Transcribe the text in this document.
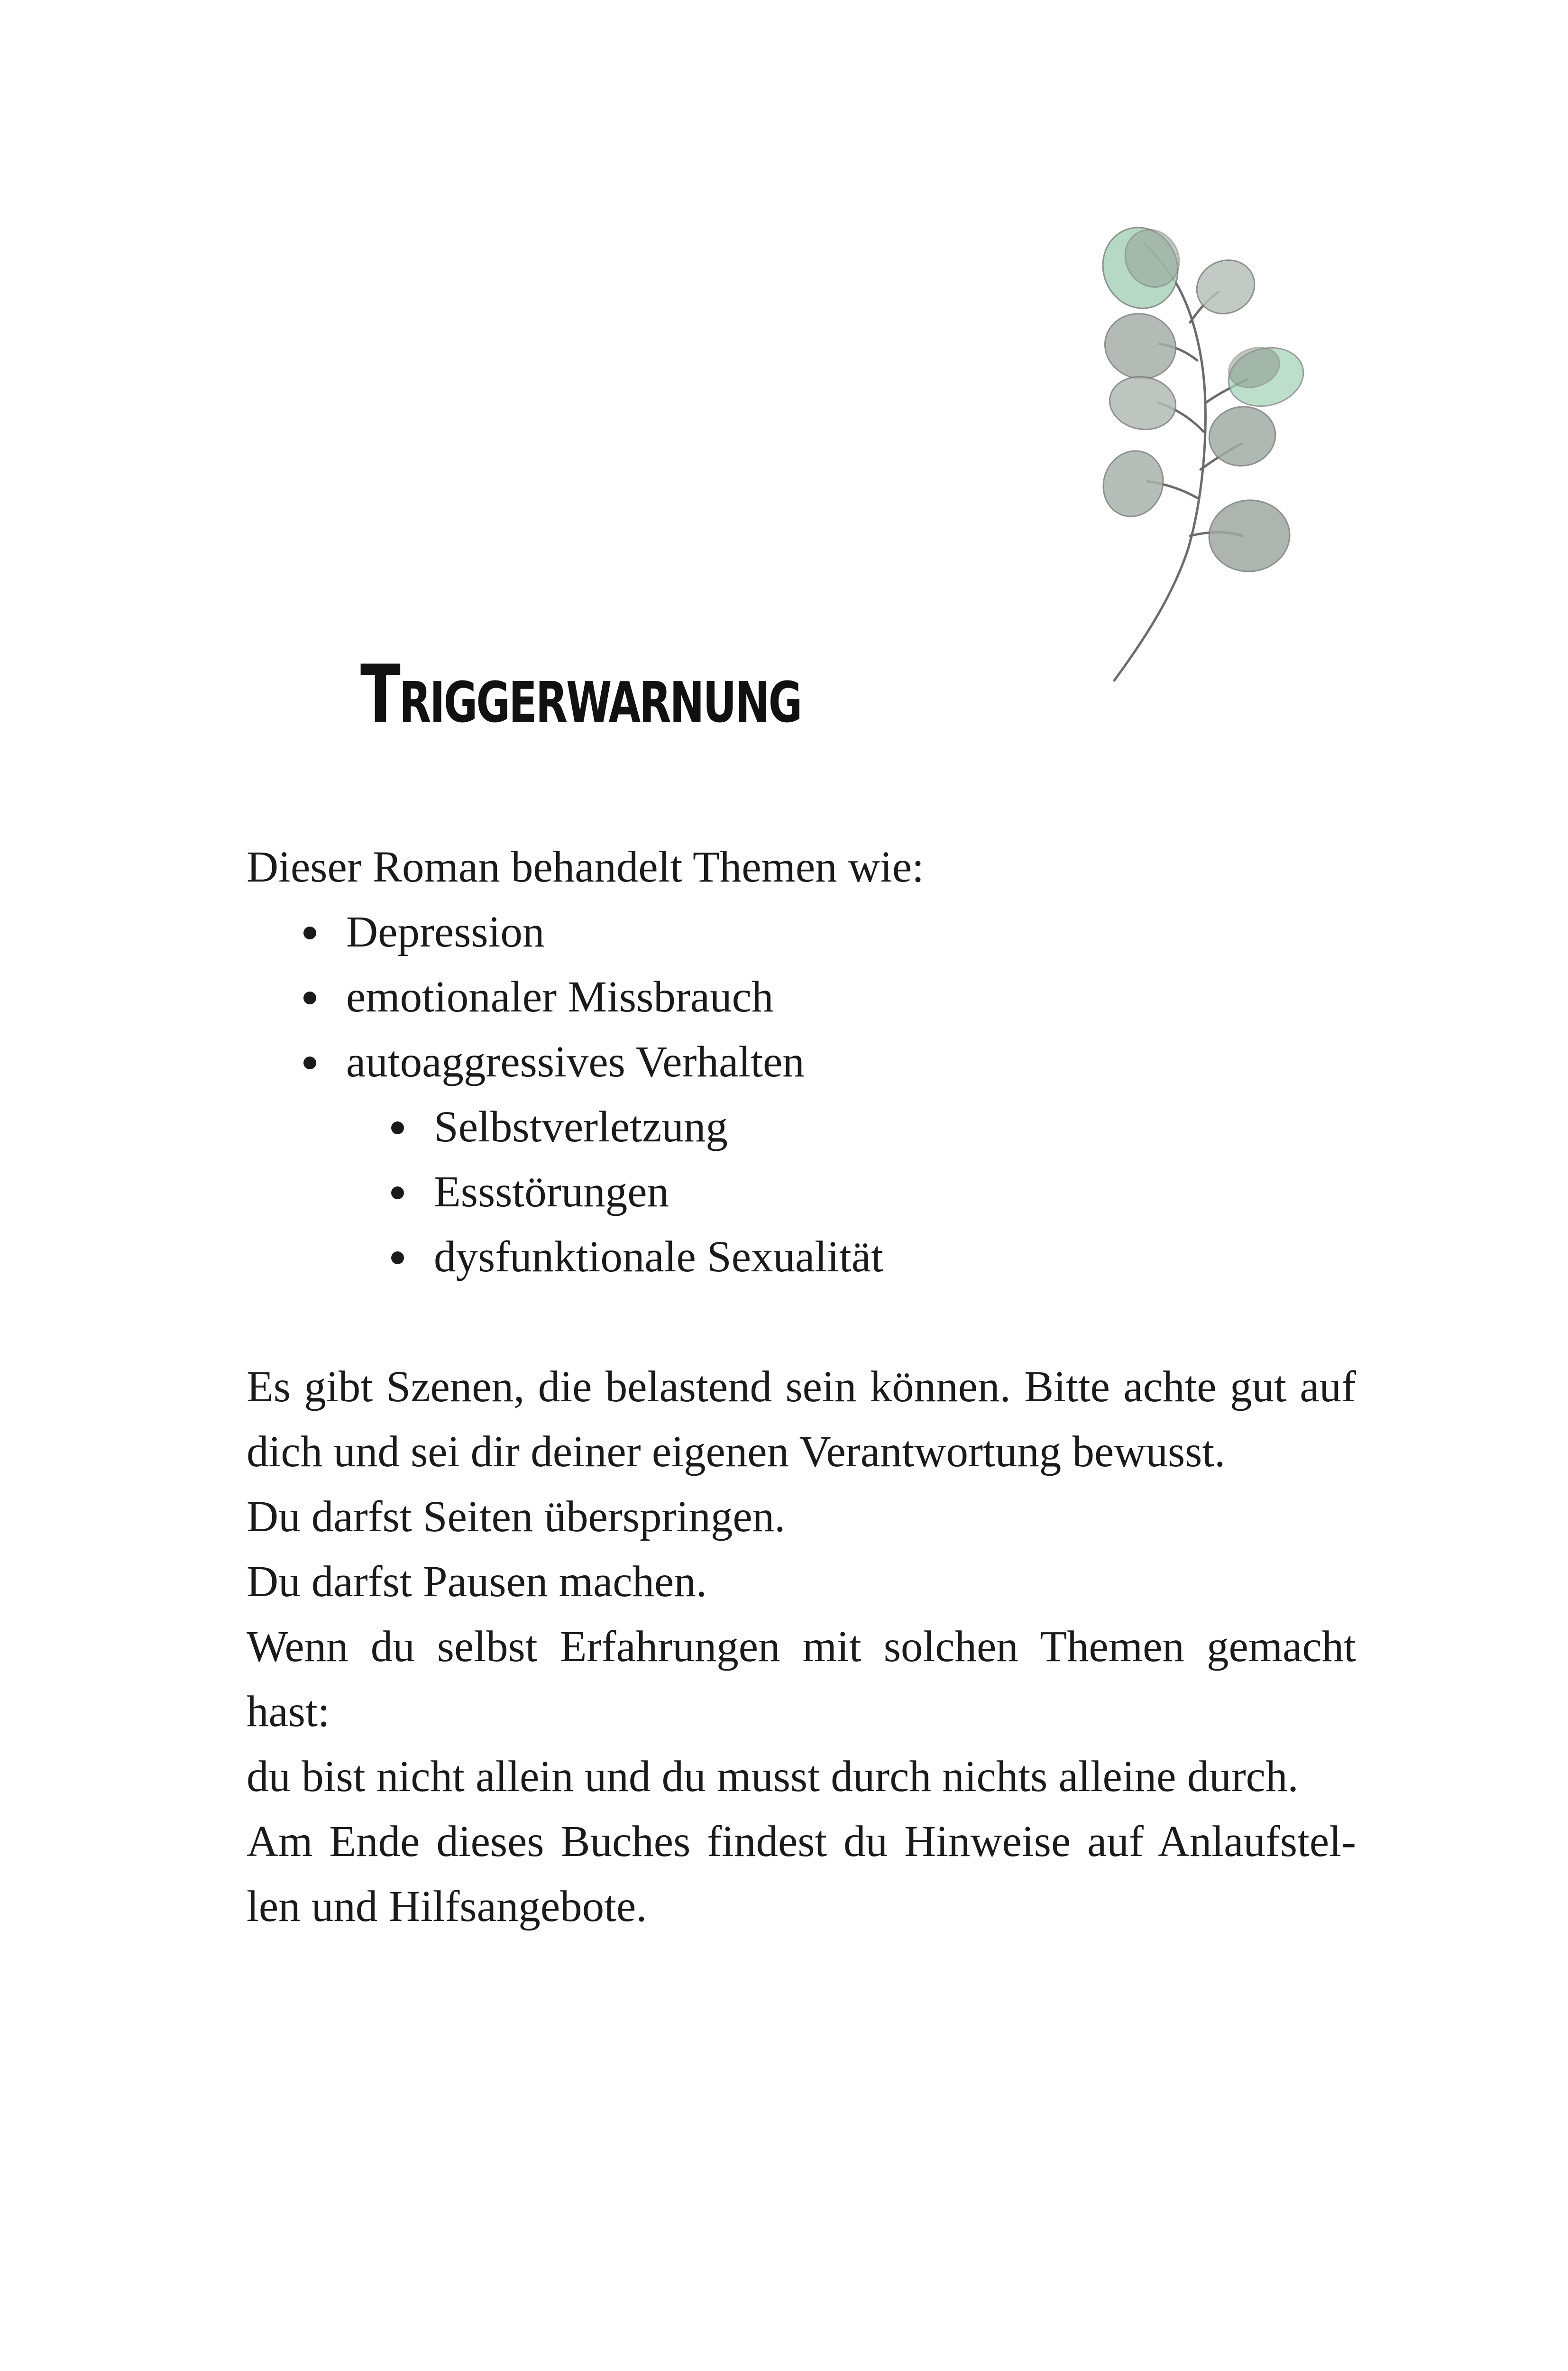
TRIGGERWARNUNG

Dieser Roman behandelt Themen wie:

Depression
emotionaler Missbrauch
autoaggressives Verhalten
Selbstverletzung
Essstörungen
dysfunktionale Sexualität

Es gibt Szenen, die belastend sein können. Bitte achte gut auf

dich und sei dir deiner eigenen Verantwortung bewusst.

Du darfst Seiten überspringen.

Du darfst Pausen machen.

Wenn du selbst Erfahrungen mit solchen Themen gemacht

hast:

du bist nicht allein und du musst durch nichts alleine durch.

Am Ende dieses Buches findest du Hinweise auf Anlaufstel-

len und Hilfsangebote.
